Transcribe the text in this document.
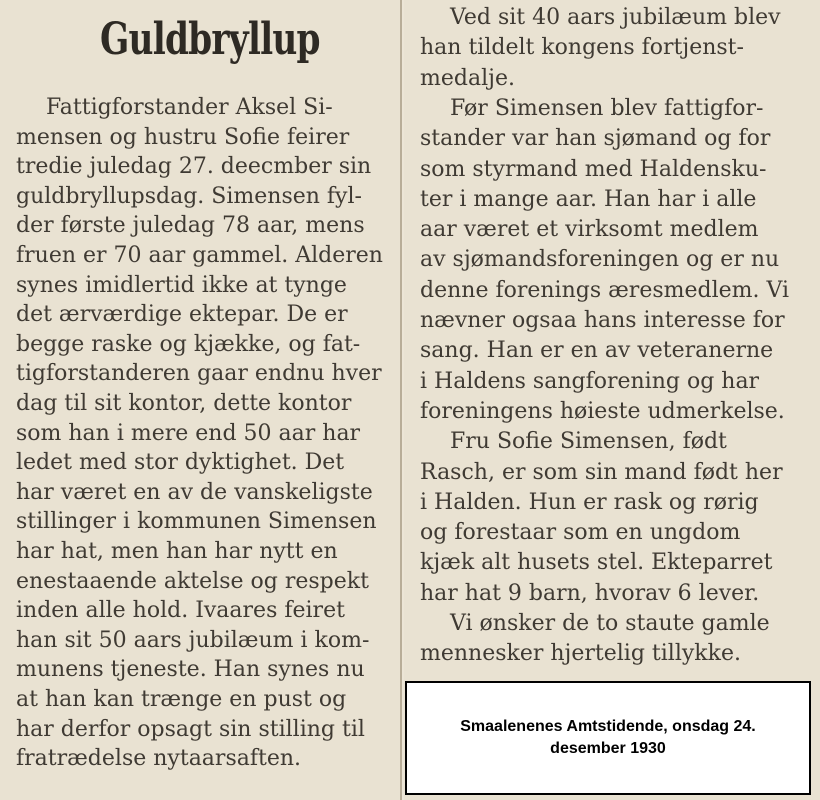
Guldbryllup
Fattigforstander Aksel Si-
mensen og hustru Sofie feirer
tredie juledag 27. deecmber sin
guldbryllupsdag. Simensen fyl-
der første juledag 78 aar, mens
fruen er 70 aar gammel. Alderen
synes imidlertid ikke at tynge
det ærværdige ektepar. De er
begge raske og kjække, og fat-
tigforstanderen gaar endnu hver
dag til sit kontor, dette kontor
som han i mere end 50 aar har
ledet med stor dyktighet. Det
har været en av de vanskeligste
stillinger i kommunen Simensen
har hat, men han har nytt en
enestaaende aktelse og respekt
inden alle hold. Ivaares feiret
han sit 50 aars jubilæum i kom-
munens tjeneste. Han synes nu
at han kan trænge en pust og
har derfor opsagt sin stilling til
fratrædelse nytaarsaften.
Ved sit 40 aars jubilæum blev
han tildelt kongens fortjenst-
medalje.
Før Simensen blev fattigfor-
stander var han sjømand og for
som styrmand med Haldensku-
ter i mange aar. Han har i alle
aar været et virksomt medlem
av sjømandsforeningen og er nu
denne forenings æresmedlem. Vi
nævner ogsaa hans interesse for
sang. Han er en av veteranerne
i Haldens sangforening og har
foreningens høieste udmerkelse.
Fru Sofie Simensen, født
Rasch, er som sin mand født her
i Halden. Hun er rask og rørig
og forestaar som en ungdom
kjæk alt husets stel. Ekteparret
har hat 9 barn, hvorav 6 lever.
Vi ønsker de to staute gamle
mennesker hjertelig tillykke.
Smaalenenes Amtstidende, onsdag 24. desember 1930
